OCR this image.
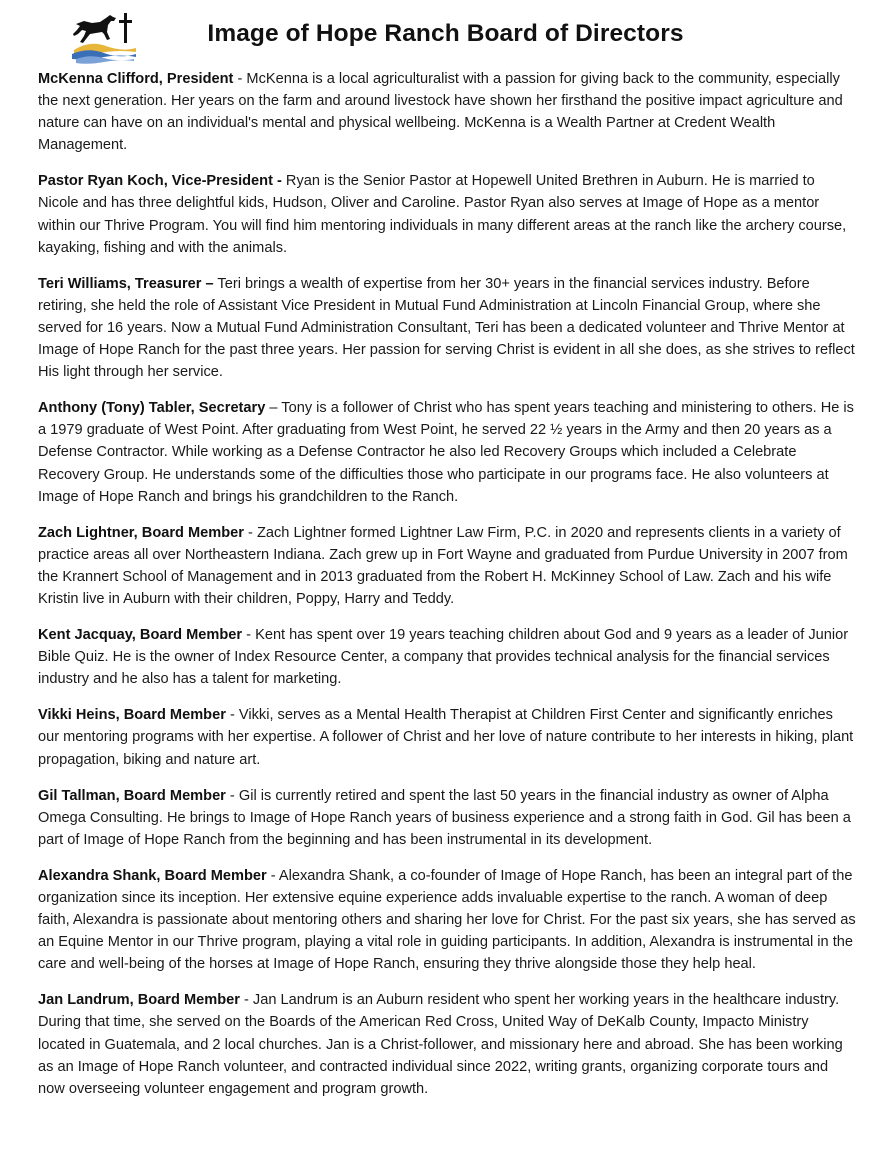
Image of Hope Ranch Board of Directors

McKenna Clifford, President - McKenna is a local agriculturalist with a passion for giving back to the community, especially the next generation. Her years on the farm and around livestock have shown her firsthand the positive impact agriculture and nature can have on an individual's mental and physical wellbeing. McKenna is a Wealth Partner at Credent Wealth Management.

Pastor Ryan Koch, Vice-President - Ryan is the Senior Pastor at Hopewell United Brethren in Auburn. He is married to Nicole and has three delightful kids, Hudson, Oliver and Caroline. Pastor Ryan also serves at Image of Hope as a mentor within our Thrive Program. You will find him mentoring individuals in many different areas at the ranch like the archery course, kayaking, fishing and with the animals.

Teri Williams, Treasurer – Teri brings a wealth of expertise from her 30+ years in the financial services industry. Before retiring, she held the role of Assistant Vice President in Mutual Fund Administration at Lincoln Financial Group, where she served for 16 years. Now a Mutual Fund Administration Consultant, Teri has been a dedicated volunteer and Thrive Mentor at Image of Hope Ranch for the past three years. Her passion for serving Christ is evident in all she does, as she strives to reflect His light through her service.

Anthony (Tony) Tabler, Secretary – Tony is a follower of Christ who has spent years teaching and ministering to others. He is a 1979 graduate of West Point. After graduating from West Point, he served 22 ½ years in the Army and then 20 years as a Defense Contractor. While working as a Defense Contractor he also led Recovery Groups which included a Celebrate Recovery Group. He understands some of the difficulties those who participate in our programs face. He also volunteers at Image of Hope Ranch and brings his grandchildren to the Ranch.

Zach Lightner, Board Member - Zach Lightner formed Lightner Law Firm, P.C. in 2020 and represents clients in a variety of practice areas all over Northeastern Indiana. Zach grew up in Fort Wayne and graduated from Purdue University in 2007 from the Krannert School of Management and in 2013 graduated from the Robert H. McKinney School of Law. Zach and his wife Kristin live in Auburn with their children, Poppy, Harry and Teddy.

Kent Jacquay, Board Member - Kent has spent over 19 years teaching children about God and 9 years as a leader of Junior Bible Quiz. He is the owner of Index Resource Center, a company that provides technical analysis for the financial services industry and he also has a talent for marketing.

Vikki Heins, Board Member - Vikki, serves as a Mental Health Therapist at Children First Center and significantly enriches our mentoring programs with her expertise. A follower of Christ and her love of nature contribute to her interests in hiking, plant propagation, biking and nature art.

Gil Tallman, Board Member - Gil is currently retired and spent the last 50 years in the financial industry as owner of Alpha Omega Consulting. He brings to Image of Hope Ranch years of business experience and a strong faith in God. Gil has been a part of Image of Hope Ranch from the beginning and has been instrumental in its development.

Alexandra Shank, Board Member - Alexandra Shank, a co-founder of Image of Hope Ranch, has been an integral part of the organization since its inception. Her extensive equine experience adds invaluable expertise to the ranch. A woman of deep faith, Alexandra is passionate about mentoring others and sharing her love for Christ. For the past six years, she has served as an Equine Mentor in our Thrive program, playing a vital role in guiding participants. In addition, Alexandra is instrumental in the care and well-being of the horses at Image of Hope Ranch, ensuring they thrive alongside those they help heal.

Jan Landrum, Board Member - Jan Landrum is an Auburn resident who spent her working years in the healthcare industry. During that time, she served on the Boards of the American Red Cross, United Way of DeKalb County, Impacto Ministry located in Guatemala, and 2 local churches. Jan is a Christ-follower, and missionary here and abroad. She has been working as an Image of Hope Ranch volunteer, and contracted individual since 2022, writing grants, organizing corporate tours and now overseeing volunteer engagement and program growth.
